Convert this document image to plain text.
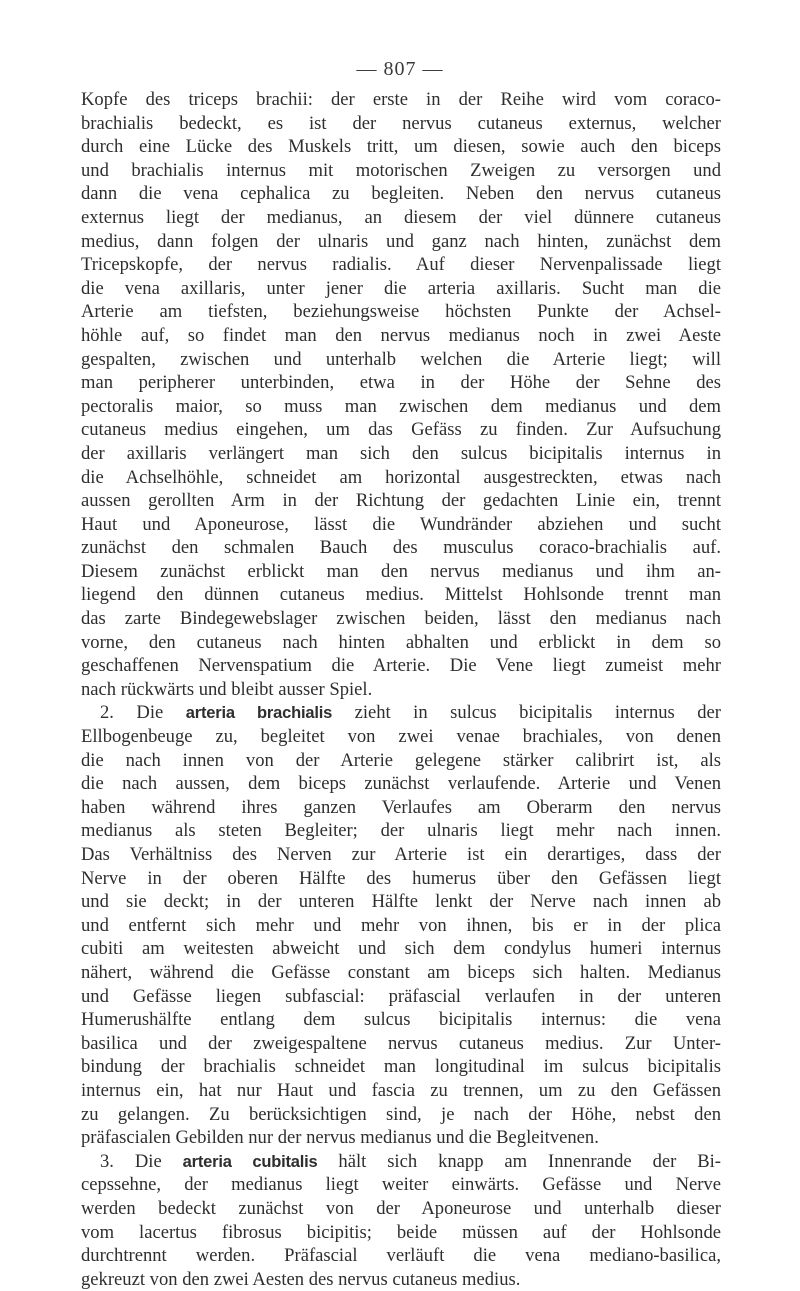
— 807 —
Kopfe des triceps brachii: der erste in der Reihe wird vom coraco-
brachialis bedeckt, es ist der nervus cutaneus externus, welcher
durch eine Lücke des Muskels tritt, um diesen, sowie auch den biceps
und brachialis internus mit motorischen Zweigen zu versorgen und
dann die vena cephalica zu begleiten. Neben den nervus cutaneus
externus liegt der medianus, an diesem der viel dünnere cutaneus
medius, dann folgen der ulnaris und ganz nach hinten, zunächst dem
Tricepskopfe, der nervus radialis. Auf dieser Nervenpalissade liegt
die vena axillaris, unter jener die arteria axillaris. Sucht man die
Arterie am tiefsten, beziehungsweise höchsten Punkte der Achsel-
höhle auf, so findet man den nervus medianus noch in zwei Aeste
gespalten, zwischen und unterhalb welchen die Arterie liegt; will
man peripherer unterbinden, etwa in der Höhe der Sehne des
pectoralis maior, so muss man zwischen dem medianus und dem
cutaneus medius eingehen, um das Gefäss zu finden. Zur Aufsuchung
der axillaris verlängert man sich den sulcus bicipitalis internus in
die Achselhöhle, schneidet am horizontal ausgestreckten, etwas nach
aussen gerollten Arm in der Richtung der gedachten Linie ein, trennt
Haut und Aponeurose, lässt die Wundränder abziehen und sucht
zunächst den schmalen Bauch des musculus coraco-brachialis auf.
Diesem zunächst erblickt man den nervus medianus und ihm an-
liegend den dünnen cutaneus medius. Mittelst Hohlsonde trennt man
das zarte Bindegewebslager zwischen beiden, lässt den medianus nach
vorne, den cutaneus nach hinten abhalten und erblickt in dem so
geschaffenen Nervenspatium die Arterie. Die Vene liegt zumeist mehr
nach rückwärts und bleibt ausser Spiel.
2. Die arteria brachialis zieht in sulcus bicipitalis internus der
Ellbogenbeuge zu, begleitet von zwei venae brachiales, von denen
die nach innen von der Arterie gelegene stärker calibrirt ist, als
die nach aussen, dem biceps zunächst verlaufende. Arterie und Venen
haben während ihres ganzen Verlaufes am Oberarm den nervus
medianus als steten Begleiter; der ulnaris liegt mehr nach innen.
Das Verhältniss des Nerven zur Arterie ist ein derartiges, dass der
Nerve in der oberen Hälfte des humerus über den Gefässen liegt
und sie deckt; in der unteren Hälfte lenkt der Nerve nach innen ab
und entfernt sich mehr und mehr von ihnen, bis er in der plica
cubiti am weitesten abweicht und sich dem condylus humeri internus
nähert, während die Gefässe constant am biceps sich halten. Medianus
und Gefässe liegen subfascial: präfascial verlaufen in der unteren
Humerushälfte entlang dem sulcus bicipitalis internus: die vena
basilica und der zweigespaltene nervus cutaneus medius. Zur Unter-
bindung der brachialis schneidet man longitudinal im sulcus bicipitalis
internus ein, hat nur Haut und fascia zu trennen, um zu den Gefässen
zu gelangen. Zu berücksichtigen sind, je nach der Höhe, nebst den
präfascialen Gebilden nur der nervus medianus und die Begleitvenen.
3. Die arteria cubitalis hält sich knapp am Innenrande der Bi-
cepssehne, der medianus liegt weiter einwärts. Gefässe und Nerve
werden bedeckt zunächst von der Aponeurose und unterhalb dieser
vom lacertus fibrosus bicipitis; beide müssen auf der Hohlsonde
durchtrennt werden. Präfascial verläuft die vena mediano-basilica,
gekreuzt von den zwei Aesten des nervus cutaneus medius.
